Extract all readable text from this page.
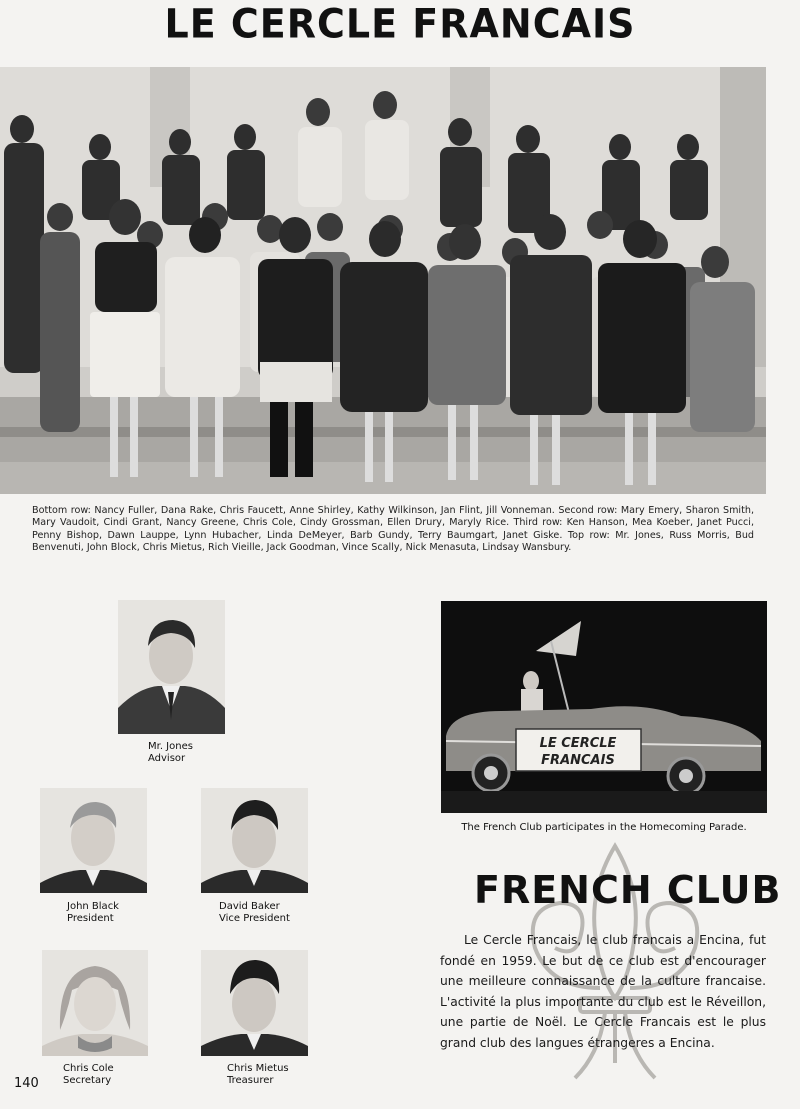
LE CERCLE FRANCAIS
Bottom row: Nancy Fuller, Dana Rake, Chris Faucett, Anne Shirley, Kathy Wilkinson, Jan Flint, Jill Vonneman. Second row: Mary Emery, Sharon Smith, Mary Vaudoit, Cindi Grant, Nancy Greene, Chris Cole, Cindy Grossman, Ellen Drury, Maryly Rice. Third row: Ken Hanson, Mea Koeber, Janet Pucci, Penny Bishop, Dawn Lauppe, Lynn Hubacher, Linda DeMeyer, Barb Gundy, Terry Baumgart, Janet Giske. Top row: Mr. Jones, Russ Morris, Bud Benvenuti, John Block, Chris Mietus, Rich Vieille, Jack Goodman, Vince Scally, Nick Menasuta, Lindsay Wansbury.
Mr. Jones
Advisor
John Black
President
David Baker
Vice President
Chris Cole
Secretary
Chris Mietus
Treasurer
LE CERCLE
FRANCAIS
The French Club participates in the Homecoming Parade.
FRENCH CLUB
Le Cercle Francais, le club francais a Encina, fut fondé en 1959. Le but de ce club est d'encourager une meilleure connaissance de la culture francaise. L'activité la plus importante du club est le Réveillon, une partie de Noël. Le Cercle Francais est le plus grand club des langues étrangeres a Encina.
140
